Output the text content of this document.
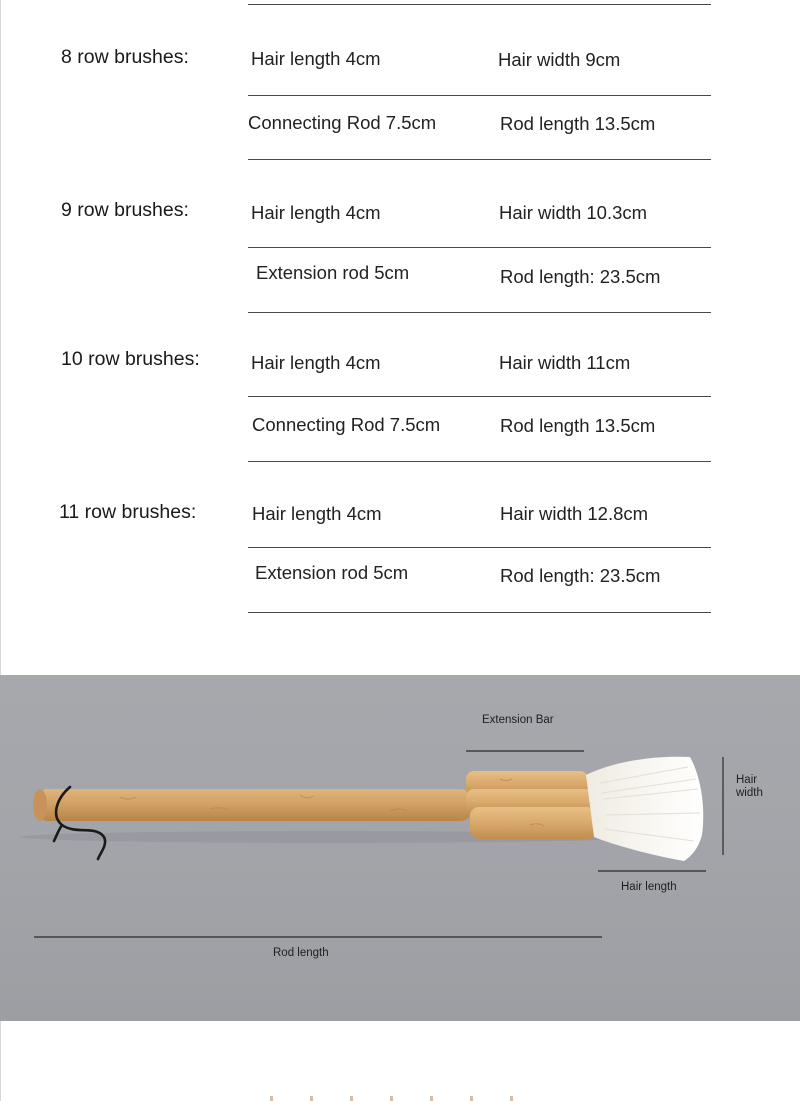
8 row brushes:	Hair length 4cm	Hair width 9cm
Connecting Rod 7.5cm	Rod length 13.5cm
9 row brushes:	Hair length 4cm	Hair width 10.3cm
Extension rod 5cm	Rod length: 23.5cm
10 row brushes:	Hair length 4cm	Hair width 11cm
Connecting Rod 7.5cm	Rod length 13.5cm
11 row brushes:	Hair length 4cm	Hair width 12.8cm
Extension rod 5cm	Rod length: 23.5cm
Extension Bar
Hair width
Hair length
Rod length
